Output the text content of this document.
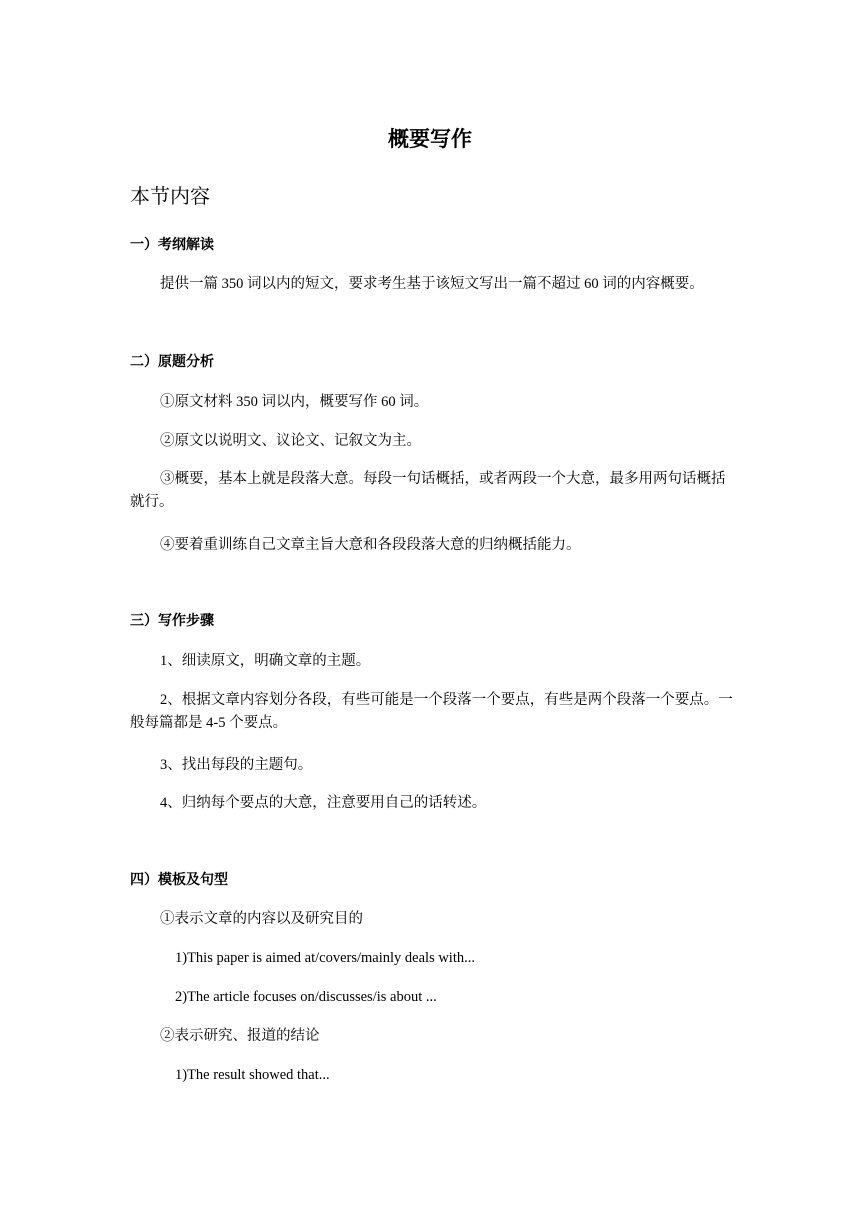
概要写作
本节内容
一）考纲解读
提供一篇 350 词以内的短文，要求考生基于该短文写出一篇不超过 60 词的内容概要。
二）原题分析
①原文材料 350 词以内，概要写作 60 词。
②原文以说明文、议论文、记叙文为主。
③概要，基本上就是段落大意。每段一句话概括，或者两段一个大意，最多用两句话概括就行。
④要着重训练自己文章主旨大意和各段段落大意的归纳概括能力。
三）写作步骤
1、细读原文，明确文章的主题。
2、根据文章内容划分各段，有些可能是一个段落一个要点，有些是两个段落一个要点。一般每篇都是 4-5 个要点。
3、找出每段的主题句。
4、归纳每个要点的大意，注意要用自己的话转述。
四）模板及句型
①表示文章的内容以及研究目的
1)This paper is aimed at/covers/mainly deals with...
2)The article focuses on/discusses/is about ...
②表示研究、报道的结论
1)The result showed that...
